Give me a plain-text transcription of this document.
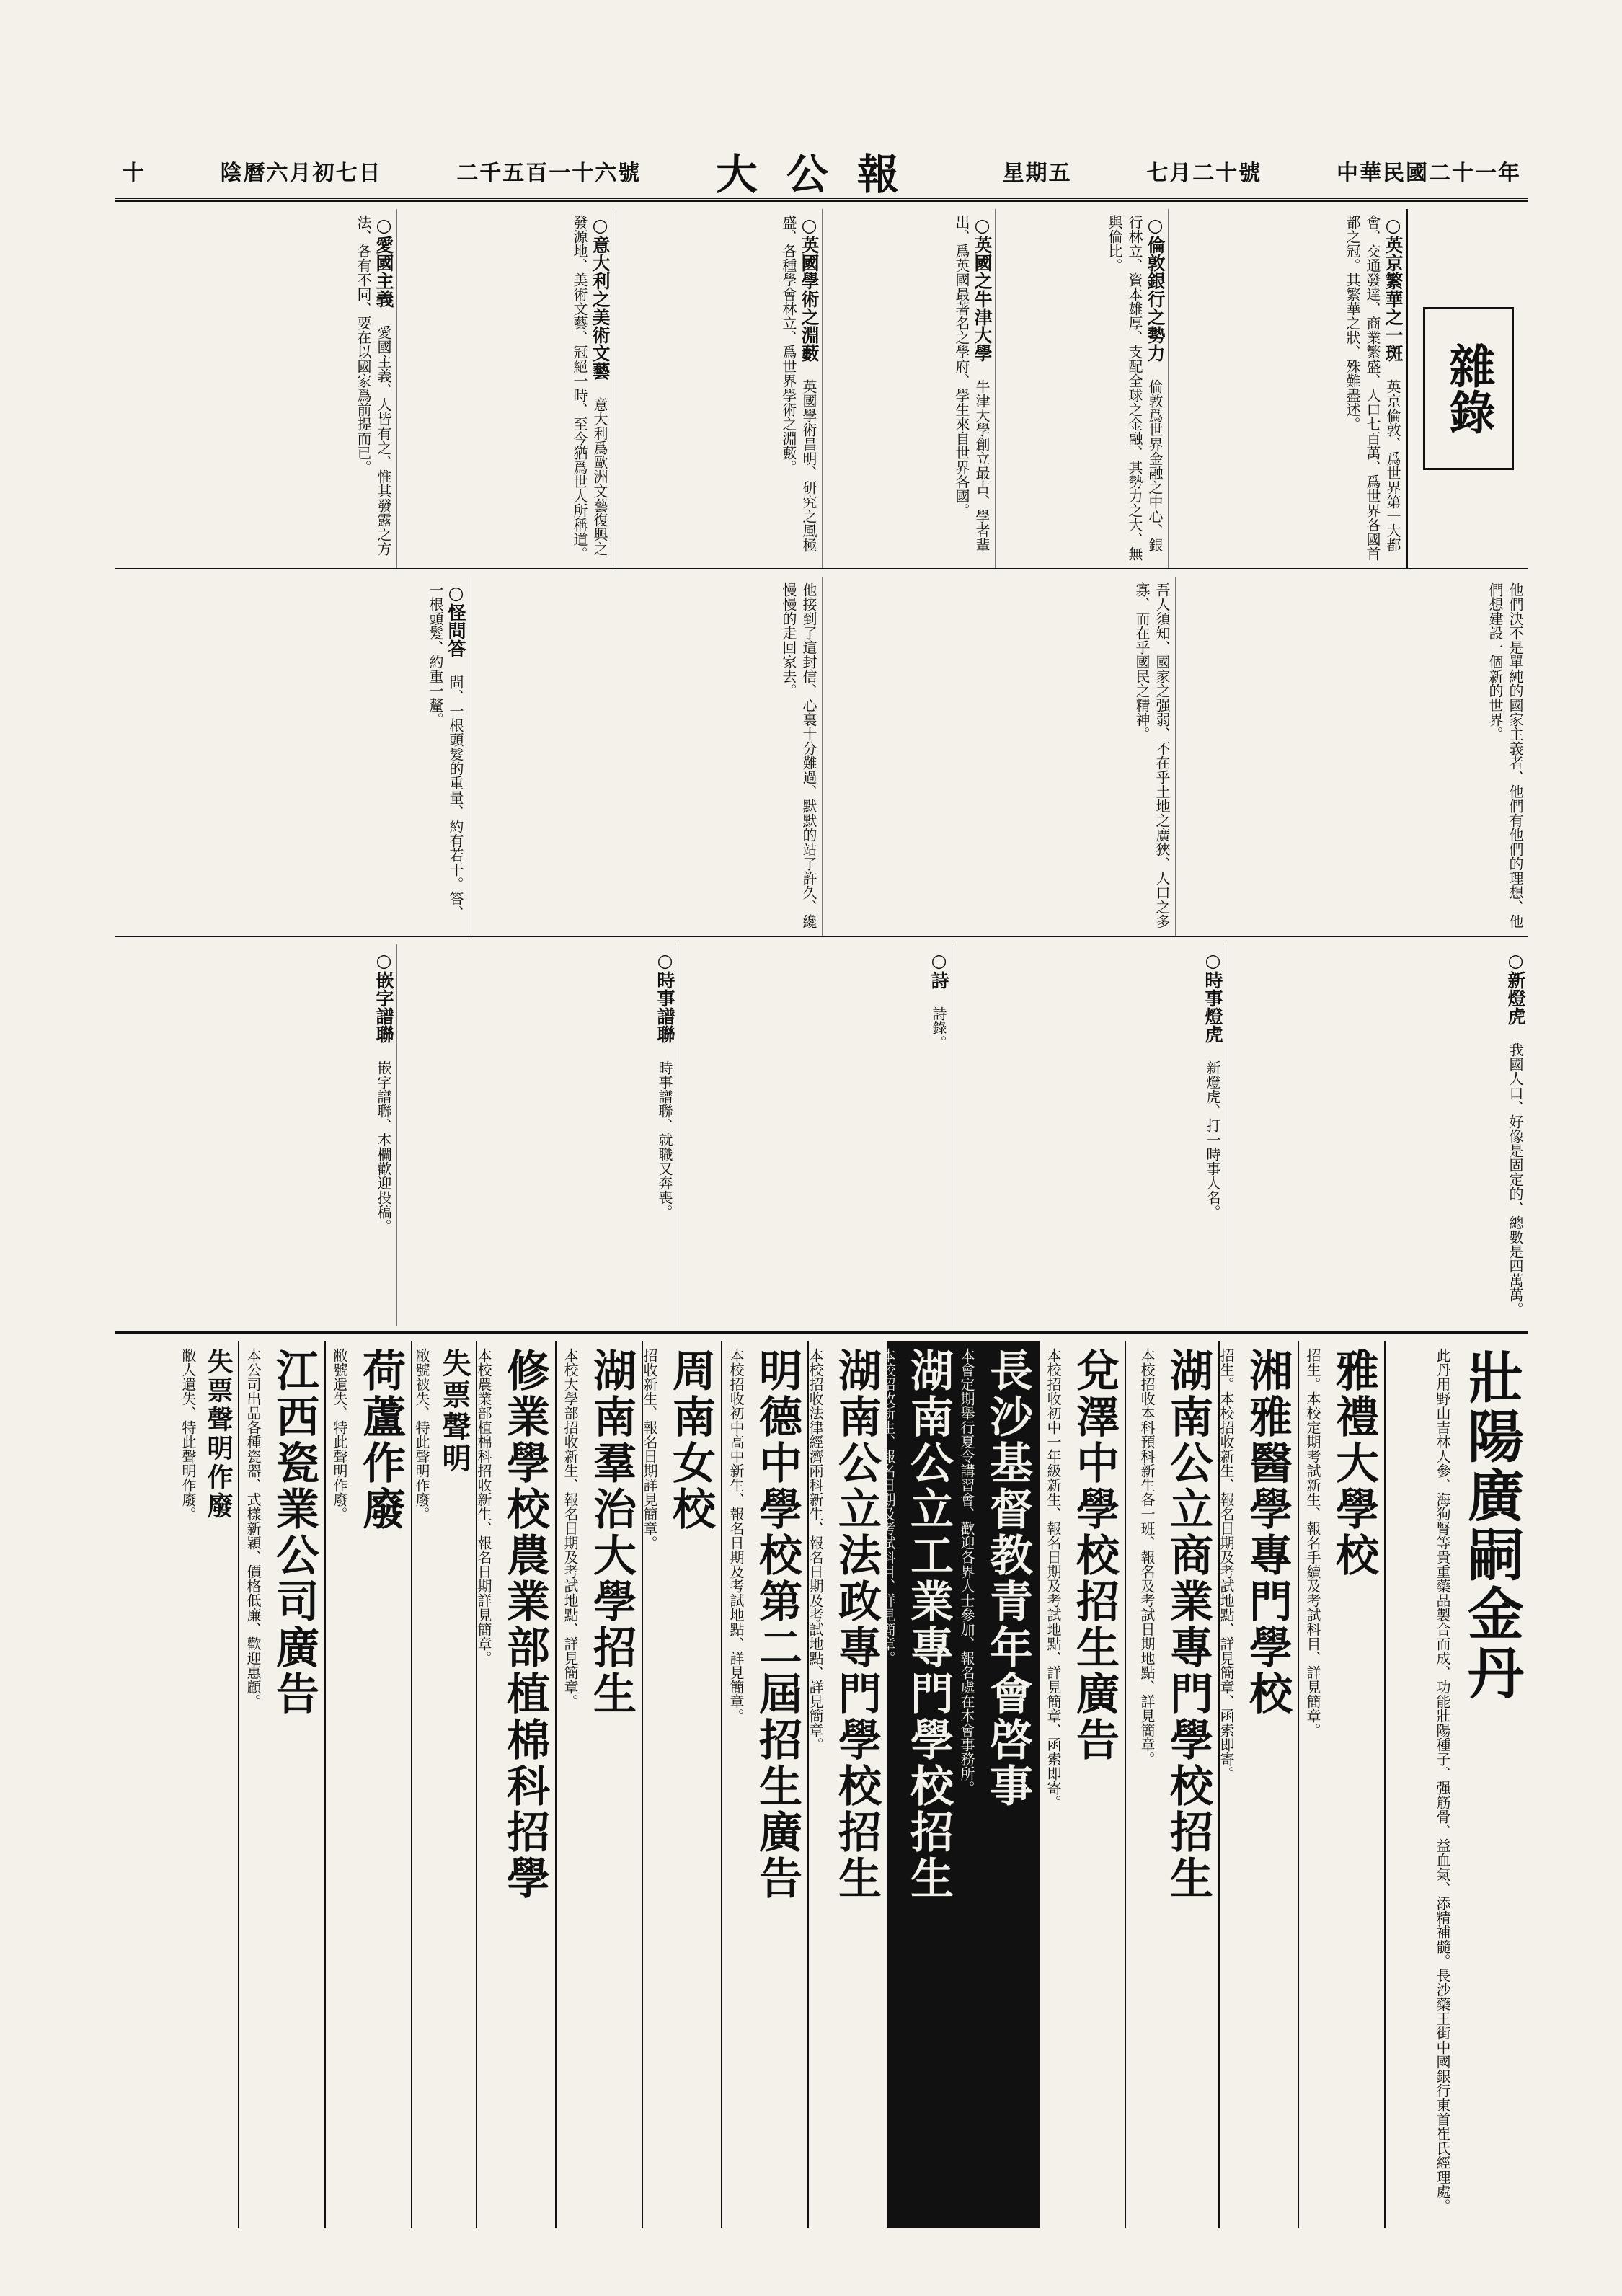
中華民國二十一年
七月二十號
星期五
大公報
二千五百一十六號
陰曆六月初七日
十
雜錄
○英京繁華之一斑 英京倫敦、爲世界第一大都會、交通發達、商業繁盛、人口七百萬、爲世界各國首都之冠。其繁華之狀、殊難盡述。
○倫敦銀行之勢力 倫敦爲世界金融之中心、銀行林立、資本雄厚、支配全球之金融、其勢力之大、無與倫比。
○英國之牛津大學 牛津大學創立最古、學者輩出、爲英國最著名之學府、學生來自世界各國。
○英國學術之淵藪 英國學術昌明、研究之風極盛、各種學會林立、爲世界學術之淵藪。
○意大利之美術文藝 意大利爲歐洲文藝復興之發源地、美術文藝、冠絕一時、至今猶爲世人所稱道。
○愛國主義 愛國主義、人皆有之、惟其發露之方法、各有不同、要在以國家爲前提而已。
他們決不是單純的國家主義者、他們有他們的理想、他們想建設一個新的世界。
吾人須知、國家之强弱、不在乎土地之廣狹、人口之多寡、而在乎國民之精神。
他接到了這封信、心裏十分難過、默默的站了許久、纔慢慢的走回家去。
○怪問答 問、一根頭髮的重量、約有若干。答、一根頭髮、約重一釐。
○新燈虎 我國人口、好像是固定的、總數是四萬萬。
○時事燈虎 新燈虎、打一時事人名。
○詩 詩錄。
○時事譜聯 時事譜聯、就職又奔喪。
○嵌字譜聯 嵌字譜聯、本欄歡迎投稿。
壯陽廣嗣金丹
此丹用野山吉林人參、海狗腎等貴重藥品製合而成、功能壯陽種子、强筋骨、益血氣、添精補髓。長沙藥王街中國銀行東首崔氏經理處。
雅禮大學校
招生。本校定期考試新生、報名手續及考試科目、詳見簡章。
湘雅醫學專門學校
招生。本校招收新生、報名日期及考試地點、詳見簡章、函索即寄。
湖南公立商業專門學校招生
本校招收本科預科新生各一班、報名及考試日期地點、詳見簡章。
兌澤中學校招生廣告
本校招收初中一年級新生、報名日期及考試地點、詳見簡章、函索即寄。
長沙基督教青年會啓事
本會定期舉行夏令講習會、歡迎各界人士參加、報名處在本會事務所。
湖南公立工業專門學校招生
本校招收新生、報名日期及考試科目、詳見簡章。
湖南公立法政專門學校招生
本校招收法律經濟兩科新生、報名日期及考試地點、詳見簡章。
明德中學校第二屆招生廣告
本校招收初中高中新生、報名日期及考試地點、詳見簡章。
周南女校
招收新生、報名日期詳見簡章。
湖南羣治大學招生
本校大學部招收新生、報名日期及考試地點、詳見簡章。
修業學校農業部植棉科招學
本校農業部植棉科招收新生、報名日期詳見簡章。
失票聲明
敝號被失、特此聲明作廢。
荷蘆作廢
敝號遺失、特此聲明作廢。
江西瓷業公司廣告
本公司出品各種瓷器、式樣新穎、價格低廉、歡迎惠顧。
失票聲明作廢
敝人遺失、特此聲明作廢。
